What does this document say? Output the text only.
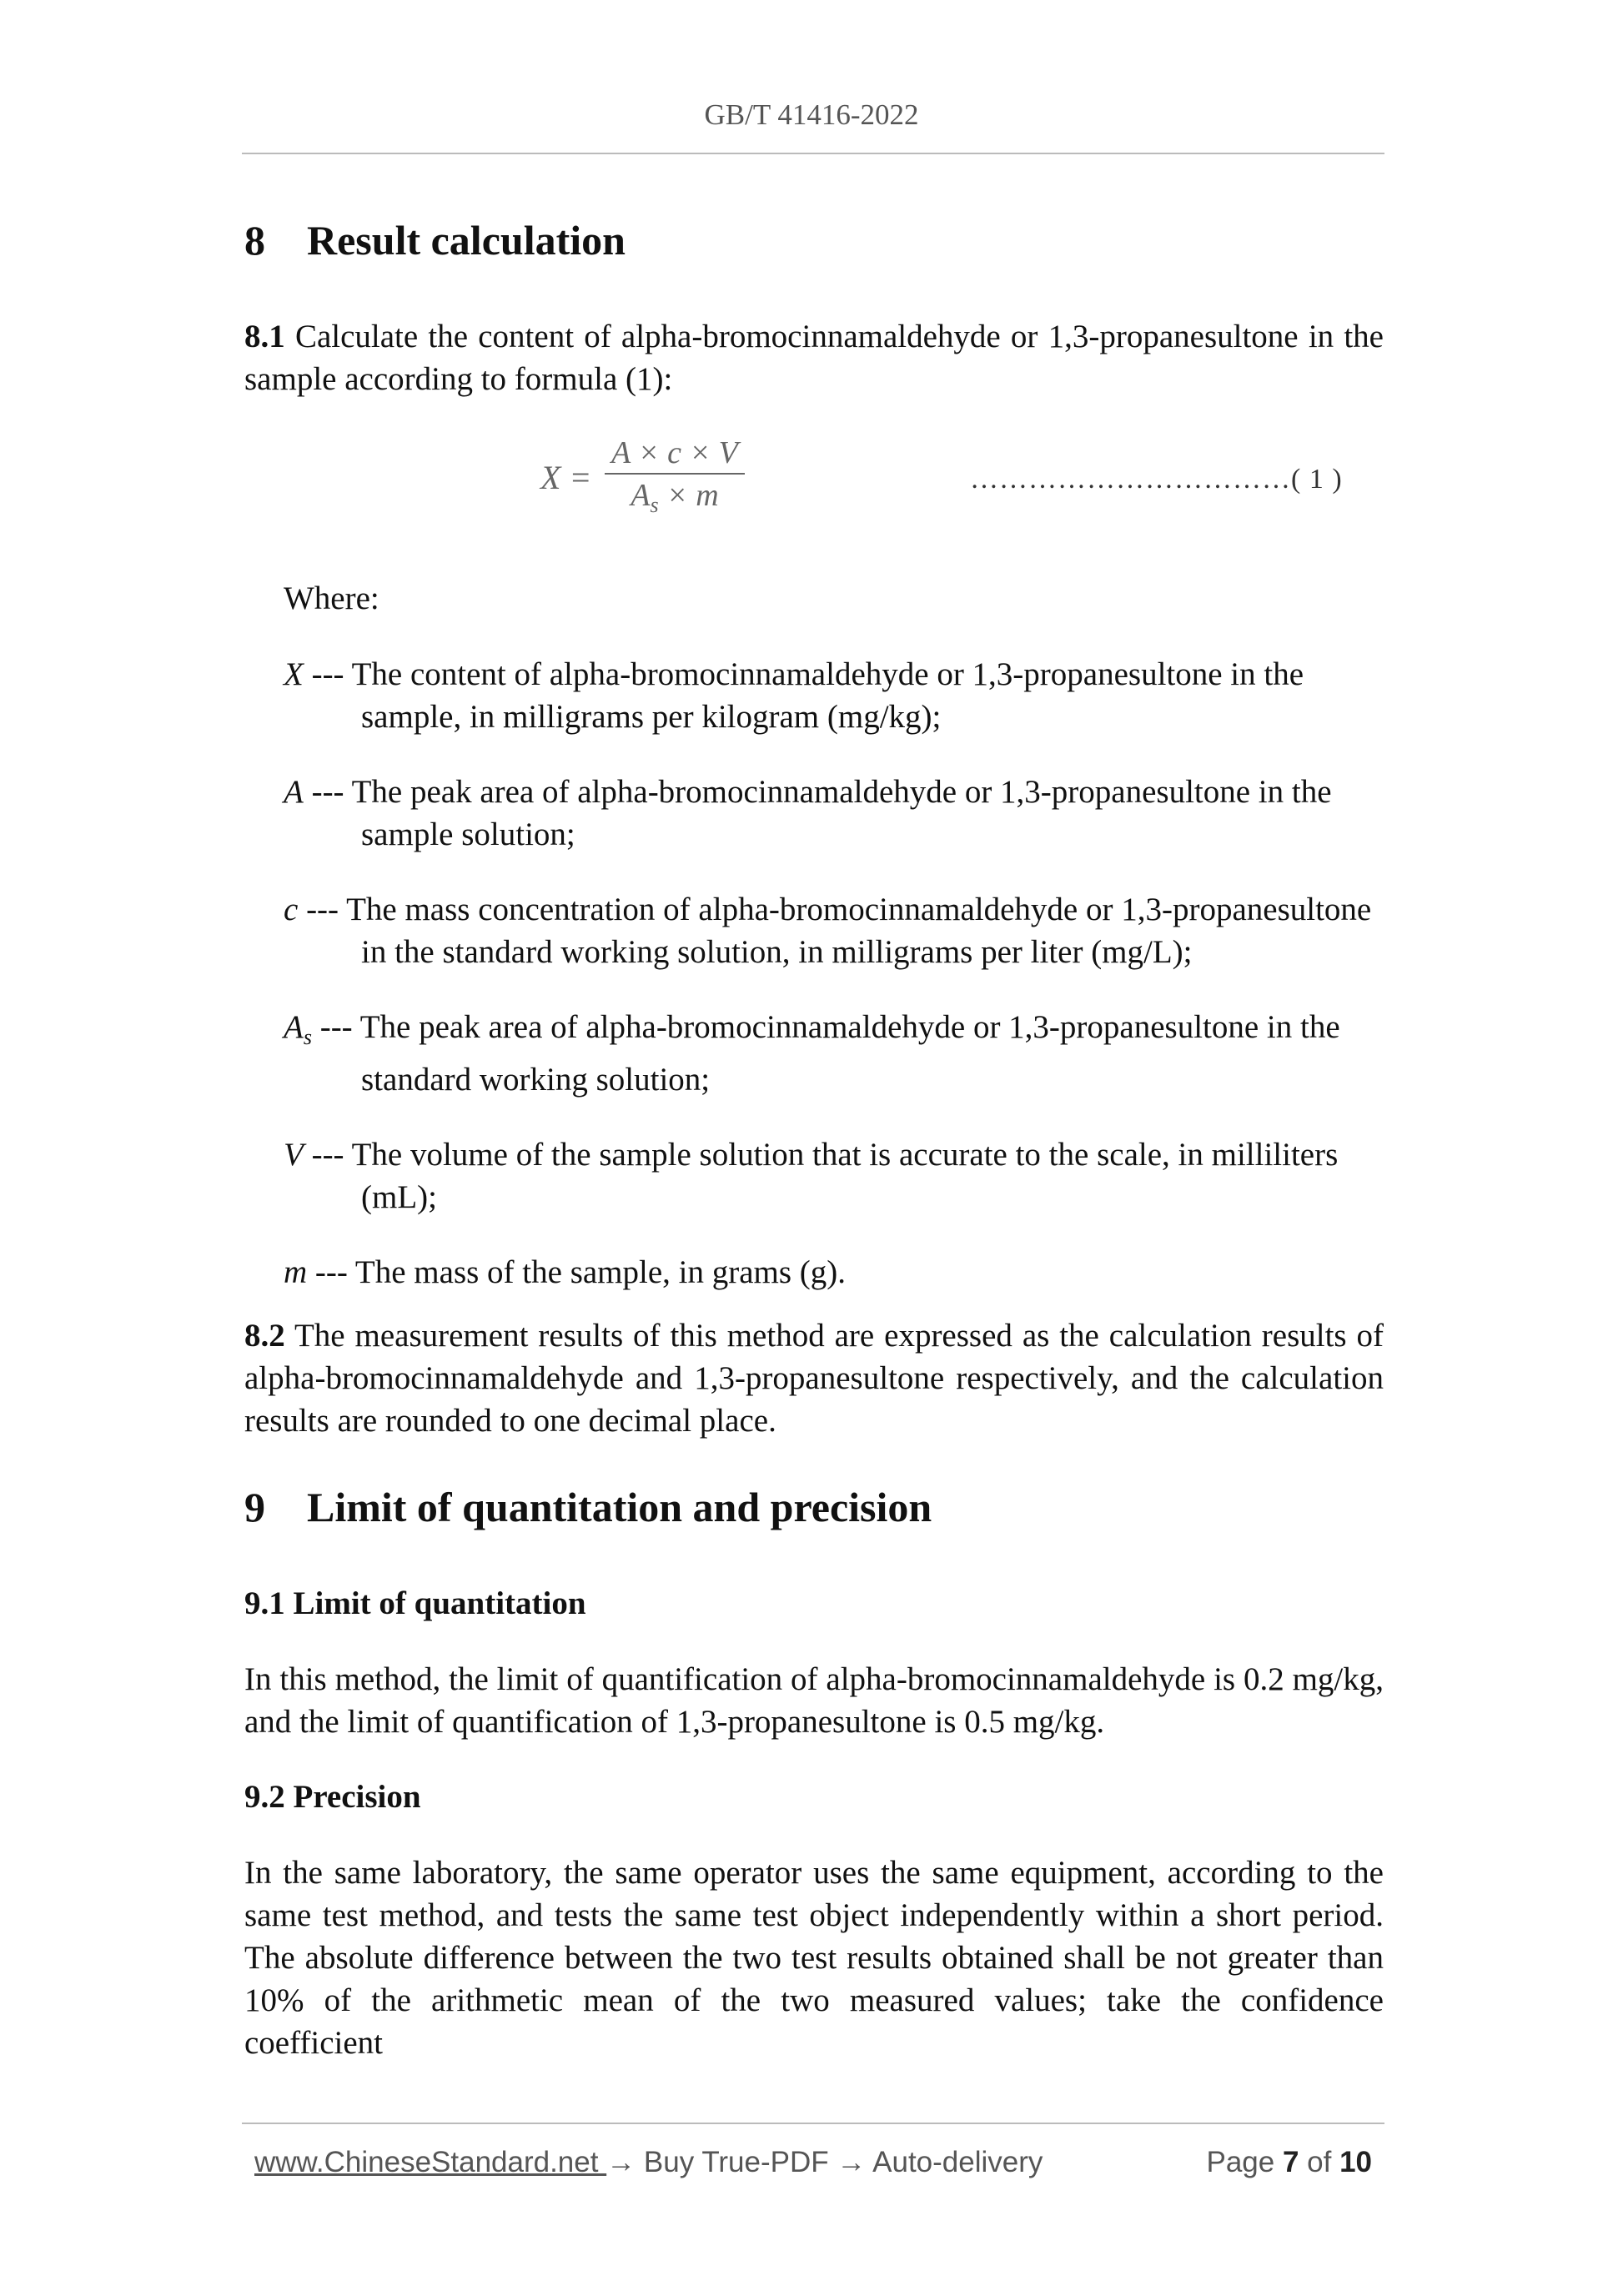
GB/T 41416-2022
8 Result calculation

8.1 Calculate the content of alpha-bromocinnamaldehyde or 1,3-propanesultone in the sample according to formula (1):

$X = \frac{A \times c \times V}{A_s \times m}$	……………………………( 1 )

Where:

X --- The content of alpha-bromocinnamaldehyde or 1,3-propanesultone in the

sample, in milligrams per kilogram (mg/kg);

A --- The peak area of alpha-bromocinnamaldehyde or 1,3-propanesultone in the

sample solution;

c --- The mass concentration of alpha-bromocinnamaldehyde or 1,3-propanesultone

in the standard working solution, in milligrams per liter (mg/L);

$A_s$ --- The peak area of alpha-bromocinnamaldehyde or 1,3-propanesultone in the

standard working solution;

V --- The volume of the sample solution that is accurate to the scale, in milliliters

(mL);

m --- The mass of the sample, in grams (g).

8.2 The measurement results of this method are expressed as the calculation results of alpha-bromocinnamaldehyde and 1,3-propanesultone respectively, and the calculation results are rounded to one decimal place.

9 Limit of quantitation and precision
9.1 Limit of quantitation

In this method, the limit of quantification of alpha-bromocinnamaldehyde is 0.2 mg/kg, and the limit of quantification of 1,3-propanesultone is 0.5 mg/kg.

9.2 Precision

In the same laboratory, the same operator uses the same equipment, according to the same test method, and tests the same test object independently within a short period. The absolute difference between the two test results obtained shall be not greater than 10% of the arithmetic mean of the two measured values; take the confidence coefficient

www.ChineseStandard.net → Buy True-PDF → Auto-delivery	Page 7 of 10
